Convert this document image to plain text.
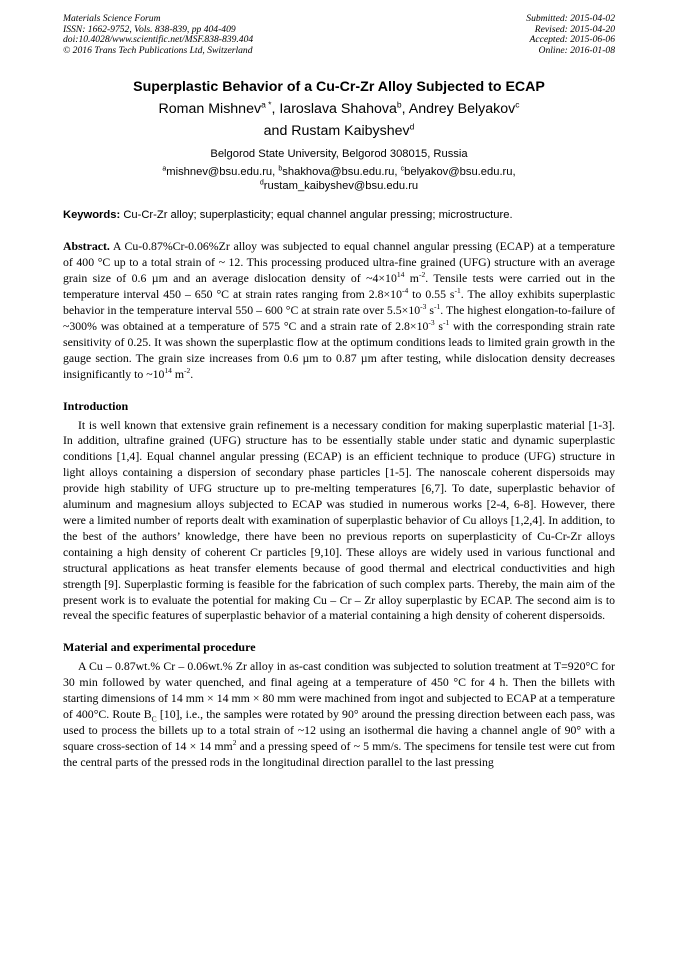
Materials Science Forum
ISSN: 1662-9752, Vols. 838-839, pp 404-409
doi:10.4028/www.scientific.net/MSF.838-839.404
© 2016 Trans Tech Publications Ltd, Switzerland
Submitted: 2015-04-02
Revised: 2015-04-20
Accepted: 2015-06-06
Online: 2016-01-08
Superplastic Behavior of a Cu-Cr-Zr Alloy Subjected to ECAP
Roman Mishnev$^{a *}$, Iaroslava Shahova$^b$, Andrey Belyakov$^c$
and Rustam Kaibyshev$^d$
Belgorod State University, Belgorod 308015, Russia
$^a$mishnev@bsu.edu.ru, $^b$shakhova@bsu.edu.ru, $^c$belyakov@bsu.edu.ru,
$^d$rustam_kaibyshev@bsu.edu.ru
Keywords: Cu-Cr-Zr alloy; superplasticity; equal channel angular pressing; microstructure.
Abstract. A Cu-0.87%Cr-0.06%Zr alloy was subjected to equal channel angular pressing (ECAP) at a temperature of 400 °C up to a total strain of ~ 12. This processing produced ultra-fine grained (UFG) structure with an average grain size of 0.6 µm and an average dislocation density of $\sim 4\times 10^{14}$ $m^{-2}$. Tensile tests were carried out in the temperature interval 450 – 650 °C at strain rates ranging from $2.8\times 10^{-4}$ to 0.55 $s^{-1}$. The alloy exhibits superplastic behavior in the temperature interval 550 – 600 °C at strain rate over $5.5\times 10^{-3}$ $s^{-1}$. The highest elongation-to-failure of ~300% was obtained at a temperature of 575 °C and a strain rate of $2.8\times 10^{-3}$ $s^{-1}$ with the corresponding strain rate sensitivity of 0.25. It was shown the superplastic flow at the optimum conditions leads to limited grain growth in the gauge section. The grain size increases from 0.6 µm to 0.87 µm after testing, while dislocation density decreases insignificantly to $\sim 10^{14}$ $m^{-2}$.
Introduction
It is well known that extensive grain refinement is a necessary condition for making superplastic material [1-3]. In addition, ultrafine grained (UFG) structure has to be essentially stable under static and dynamic superplastic conditions [1,4]. Equal channel angular pressing (ECAP) is an efficient technique to produce (UFG) structure in light alloys containing a dispersion of secondary phase particles [1-5]. The nanoscale coherent dispersoids may provide high stability of UFG structure up to pre-melting temperatures [6,7]. To date, superplastic behavior of aluminum and magnesium alloys subjected to ECAP was studied in numerous works [2-4, 6-8]. However, there were a limited number of reports dealt with examination of superplastic behavior of Cu alloys [1,2,4]. In addition, to the best of the authors’ knowledge, there have been no previous reports on superplasticity of Cu-Cr-Zr alloys containing a high density of coherent Cr particles [9,10]. These alloys are widely used in various functional and structural applications as heat transfer elements because of good thermal and electrical conductivities and high strength [9]. Superplastic forming is feasible for the fabrication of such complex parts. Thereby, the main aim of the present work is to evaluate the potential for making Cu – Cr – Zr alloy superplastic by ECAP. The second aim is to reveal the specific features of superplastic behavior of a material containing a high density of coherent dispersoids.
Material and experimental procedure
A Cu – 0.87wt.% Cr – 0.06wt.% Zr alloy in as-cast condition was subjected to solution treatment at T=920°C for 30 min followed by water quenched, and final ageing at a temperature of 450 °C for 4 h. Then the billets with starting dimensions of 14 mm × 14 mm × 80 mm were machined from ingot and subjected to ECAP at a temperature of 400°C. Route $B_C$ [10], i.e., the samples were rotated by 90° around the pressing direction between each pass, was used to process the billets up to a total strain of ~12 using an isothermal die having a channel angle of 90° with a square cross-section of 14 × 14 $mm^2$ and a pressing speed of ~ 5 mm/s. The specimens for tensile test were cut from the central parts of the pressed rods in the longitudinal direction parallel to the last pressing
